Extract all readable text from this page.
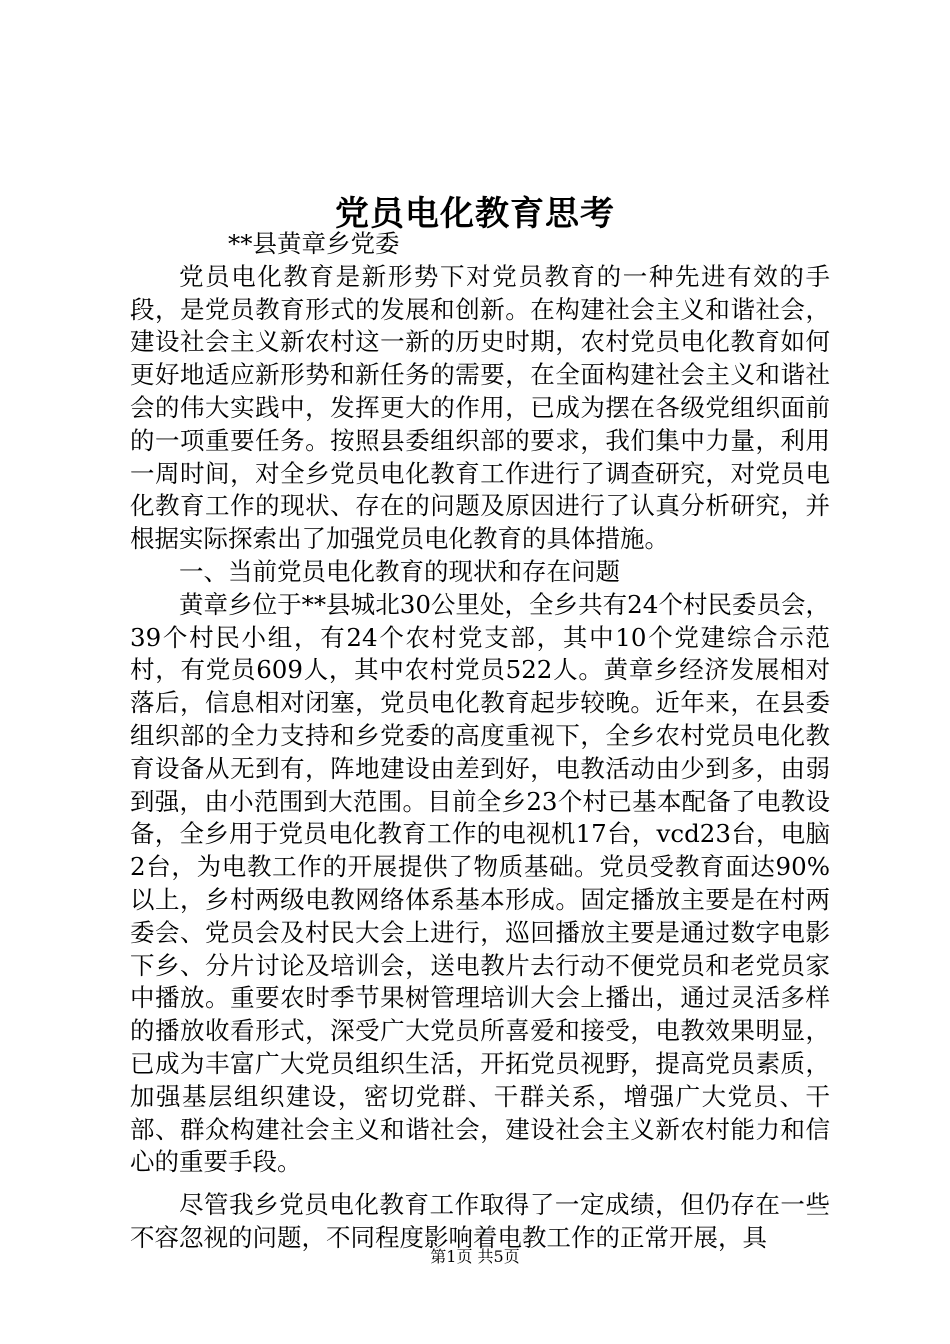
党员电化教育思考

  **县黄章乡党委

党员电化教育是新形势下对党员教育的一种先进有效的手段，是党员教育形式的发展和创新。在构建社会主义和谐社会，建设社会主义新农村这一新的历史时期，农村党员电化教育如何更好地适应新形势和新任务的需要，在全面构建社会主义和谐社会的伟大实践中，发挥更大的作用，已成为摆在各级党组织面前的一项重要任务。按照县委组织部的要求，我们集中力量，利用一周时间，对全乡党员电化教育工作进行了调查研究，对党员电化教育工作的现状、存在的问题及原因进行了认真分析研究，并根据实际探索出了加强党员电化教育的具体措施。

一、当前党员电化教育的现状和存在问题

黄章乡位于**县城北30公里处，全乡共有24个村民委员会，39个村民小组，有24个农村党支部，其中10个党建综合示范村，有党员609人，其中农村党员522人。黄章乡经济发展相对落后，信息相对闭塞，党员电化教育起步较晚。近年来，在县委组织部的全力支持和乡党委的高度重视下，全乡农村党员电化教育设备从无到有，阵地建设由差到好，电教活动由少到多，由弱到强，由小范围到大范围。目前全乡23个村已基本配备了电教设备，全乡用于党员电化教育工作的电视机17台，vcd23台，电脑2台，为电教工作的开展提供了物质基础。党员受教育面达90%以上，乡村两级电教网络体系基本形成。固定播放主要是在村两委会、党员会及村民大会上进行，巡回播放主要是通过数字电影下乡、分片讨论及培训会，送电教片去行动不便党员和老党员家中播放。重要农时季节果树管理培训大会上播出，通过灵活多样的播放收看形式，深受广大党员所喜爱和接受，电教效果明显，已成为丰富广大党员组织生活，开拓党员视野，提高党员素质，加强基层组织建设，密切党群、干群关系，增强广大党员、干部、群众构建社会主义和谐社会，建设社会主义新农村能力和信心的重要手段。

尽管我乡党员电化教育工作取得了一定成绩，但仍存在一些不容忽视的问题，不同程度影响着电教工作的正常开展，具

第1页 共5页
